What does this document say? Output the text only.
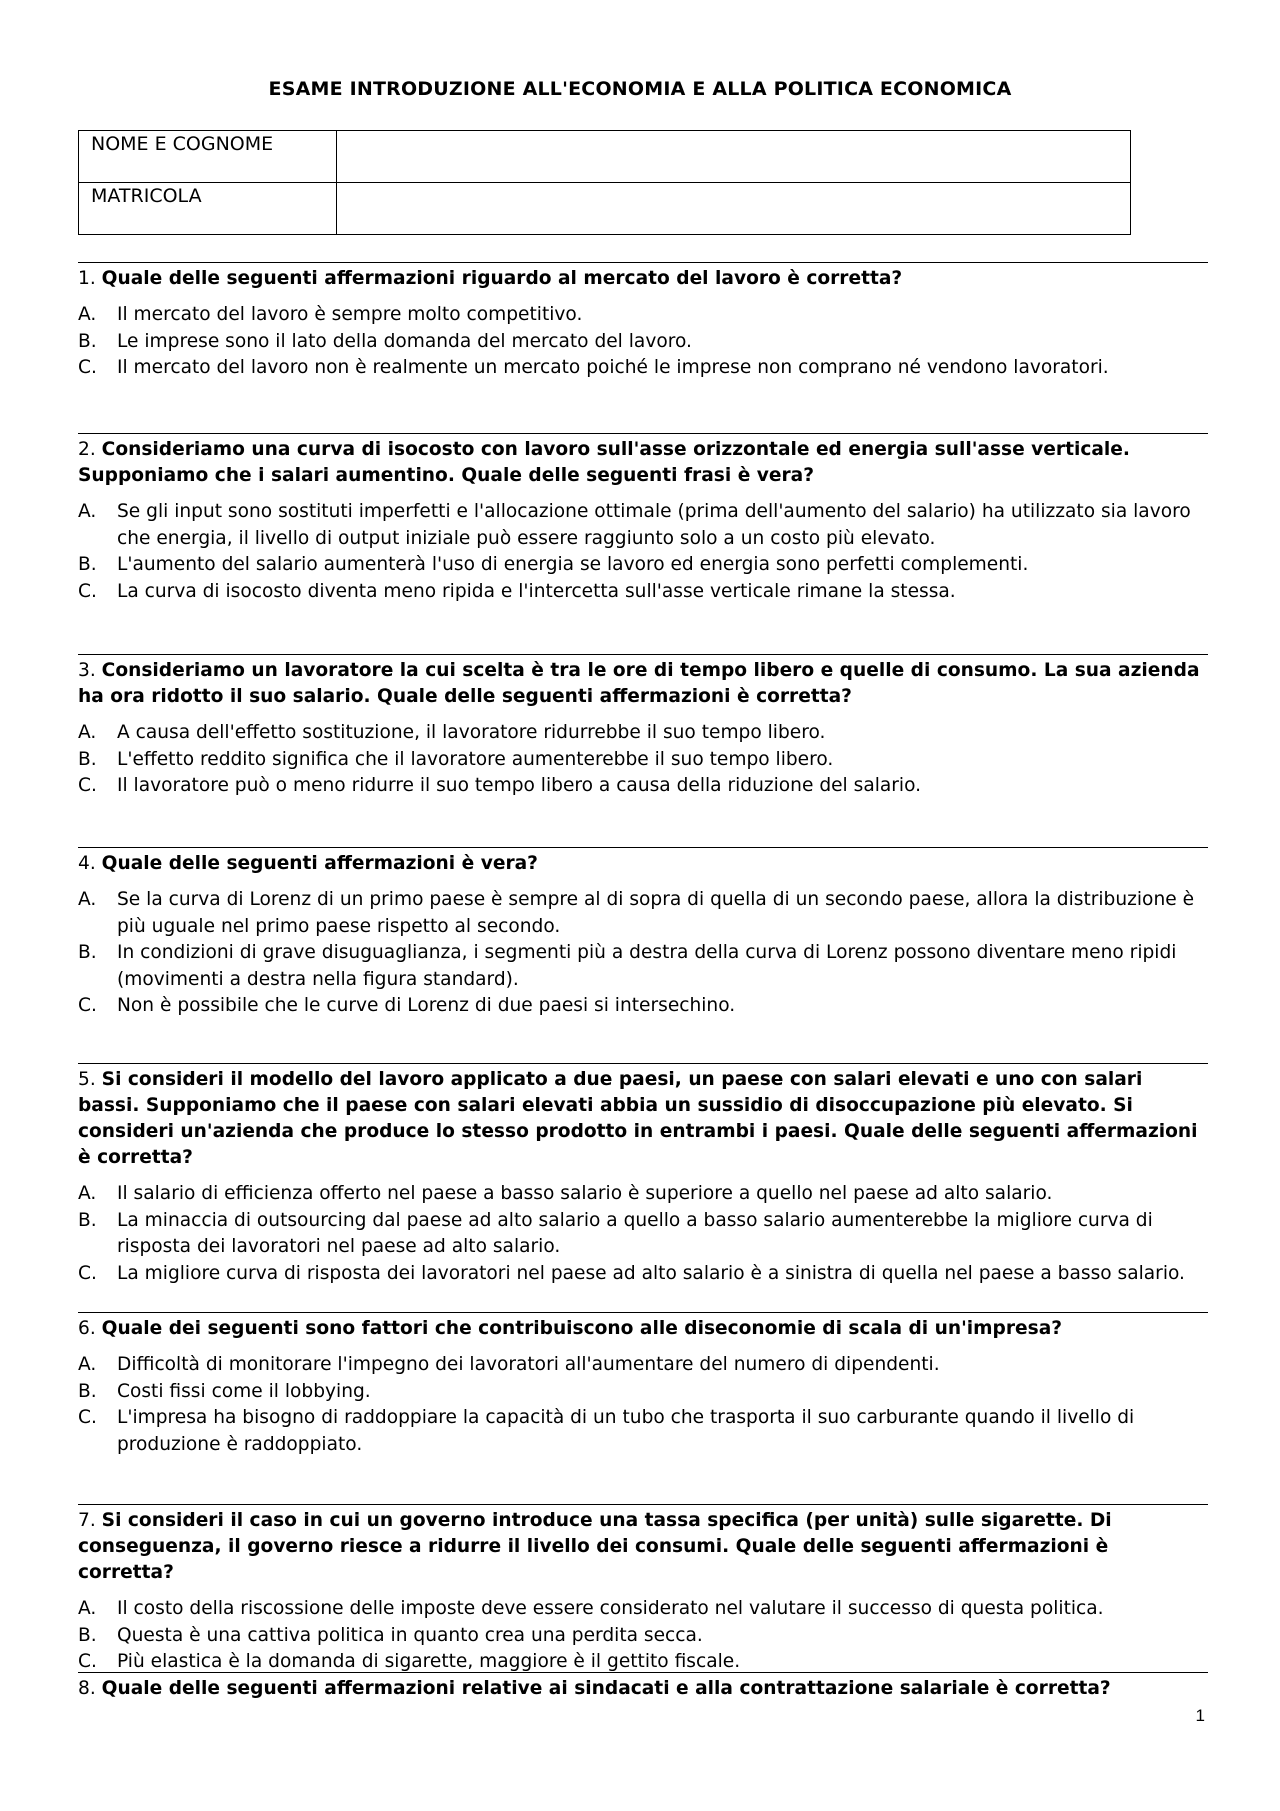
ESAME INTRODUZIONE ALL'ECONOMIA E ALLA POLITICA ECONOMICA
NOME E COGNOME	
MATRICOLA	
1. Quale delle seguenti affermazioni riguardo al mercato del lavoro è corretta?
A. Il mercato del lavoro è sempre molto competitivo.
B. Le imprese sono il lato della domanda del mercato del lavoro.
C. Il mercato del lavoro non è realmente un mercato poiché le imprese non comprano né vendono lavoratori.
2. Consideriamo una curva di isocosto con lavoro sull'asse orizzontale ed energia sull'asse verticale. Supponiamo che i salari aumentino. Quale delle seguenti frasi è vera?
A. Se gli input sono sostituti imperfetti e l'allocazione ottimale (prima dell'aumento del salario) ha utilizzato sia lavoro che energia, il livello di output iniziale può essere raggiunto solo a un costo più elevato.
B. L'aumento del salario aumenterà l'uso di energia se lavoro ed energia sono perfetti complementi.
C. La curva di isocosto diventa meno ripida e l'intercetta sull'asse verticale rimane la stessa.
3. Consideriamo un lavoratore la cui scelta è tra le ore di tempo libero e quelle di consumo. La sua azienda ha ora ridotto il suo salario. Quale delle seguenti affermazioni è corretta?
A. A causa dell'effetto sostituzione, il lavoratore ridurrebbe il suo tempo libero.
B. L'effetto reddito significa che il lavoratore aumenterebbe il suo tempo libero.
C. Il lavoratore può o meno ridurre il suo tempo libero a causa della riduzione del salario.
4. Quale delle seguenti affermazioni è vera?
A. Se la curva di Lorenz di un primo paese è sempre al di sopra di quella di un secondo paese, allora la distribuzione è più uguale nel primo paese rispetto al secondo.
B. In condizioni di grave disuguaglianza, i segmenti più a destra della curva di Lorenz possono diventare meno ripidi (movimenti a destra nella figura standard).
C. Non è possibile che le curve di Lorenz di due paesi si intersechino.
5. Si consideri il modello del lavoro applicato a due paesi, un paese con salari elevati e uno con salari bassi. Supponiamo che il paese con salari elevati abbia un sussidio di disoccupazione più elevato. Si consideri un'azienda che produce lo stesso prodotto in entrambi i paesi. Quale delle seguenti affermazioni è corretta?
A. Il salario di efficienza offerto nel paese a basso salario è superiore a quello nel paese ad alto salario.
B. La minaccia di outsourcing dal paese ad alto salario a quello a basso salario aumenterebbe la migliore curva di risposta dei lavoratori nel paese ad alto salario.
C. La migliore curva di risposta dei lavoratori nel paese ad alto salario è a sinistra di quella nel paese a basso salario.
6. Quale dei seguenti sono fattori che contribuiscono alle diseconomie di scala di un'impresa?
A. Difficoltà di monitorare l'impegno dei lavoratori all'aumentare del numero di dipendenti.
B. Costi fissi come il lobbying.
C. L'impresa ha bisogno di raddoppiare la capacità di un tubo che trasporta il suo carburante quando il livello di produzione è raddoppiato.
7. Si consideri il caso in cui un governo introduce una tassa specifica (per unità) sulle sigarette. Di conseguenza, il governo riesce a ridurre il livello dei consumi. Quale delle seguenti affermazioni è corretta?
A. Il costo della riscossione delle imposte deve essere considerato nel valutare il successo di questa politica.
B. Questa è una cattiva politica in quanto crea una perdita secca.
C. Più elastica è la domanda di sigarette, maggiore è il gettito fiscale.
8. Quale delle seguenti affermazioni relative ai sindacati e alla contrattazione salariale è corretta?
1
